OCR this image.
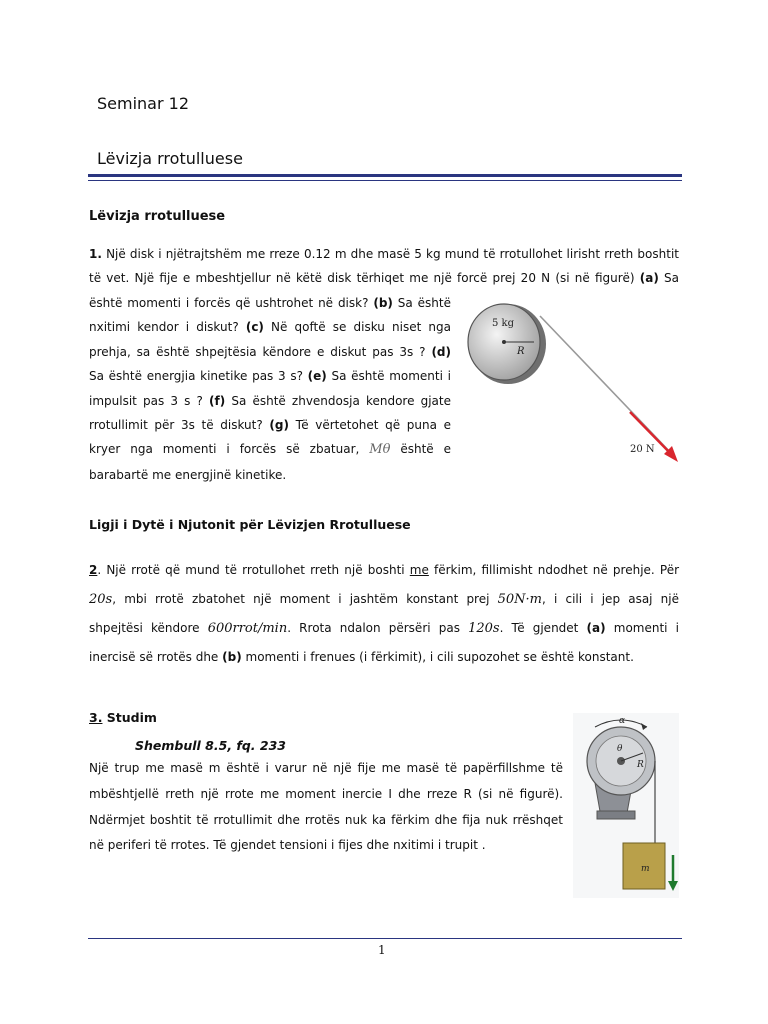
Seminar 12
Lëvizja rrotulluese
Lëvizja rrotulluese
1. Një disk i njëtrajtshëm me rreze 0.12 m dhe masë 5 kg mund të rrotullohet lirisht rreth boshtit
të vet. Një fije e mbeshtjellur në këtë disk tërhiqet me një forcë prej 20 N (si në figurë) (a) Sa
është momenti i forcës që ushtrohet në disk? (b) Sa është
nxitimi kendor i diskut? (c) Në qoftë se disku niset nga
prehja, sa është shpejtësia këndore e diskut pas 3s ? (d)
Sa është energjia kinetike pas 3 s? (e) Sa është momenti i
impulsit pas 3 s ? (f) Sa është zhvendosja kendore gjate
rrotullimit për 3s të diskut? (g) Të vërtetohet që puna e
kryer nga momenti i forcës së zbatuar, Mθ është e
barabartë me energjinë kinetike.
5 kg
R
20 N
Ligji i Dytë i Njutonit për Lëvizjen Rrotulluese
2. Një rrotë që mund të rrotullohet rreth një boshti me fërkim, fillimisht ndodhet në prehje. Për
20s, mbi rrotë zbatohet një moment i jashtëm konstant prej 50N·m, i cili i jep asaj një
shpejtësi këndore 600rrot/min. Rrota ndalon përsëri pas 120s. Të gjendet (a) momenti i
inercisë së rrotës dhe (b) momenti i frenues (i fërkimit), i cili supozohet se është konstant.
3. Studim
Shembull 8.5, fq. 233
Një trup me masë m është i varur në një fije me masë të papërfillshme të
mbështjellë rreth një rrote me moment inercie I dhe rreze R (si në figurë).
Ndërmjet boshtit të rrotullimit dhe rrotës nuk ka fërkim dhe fija nuk rrëshqet
në periferi të rrotes. Të gjendet tensioni i fijes dhe nxitimi i trupit .
α
θ
R
m
1
